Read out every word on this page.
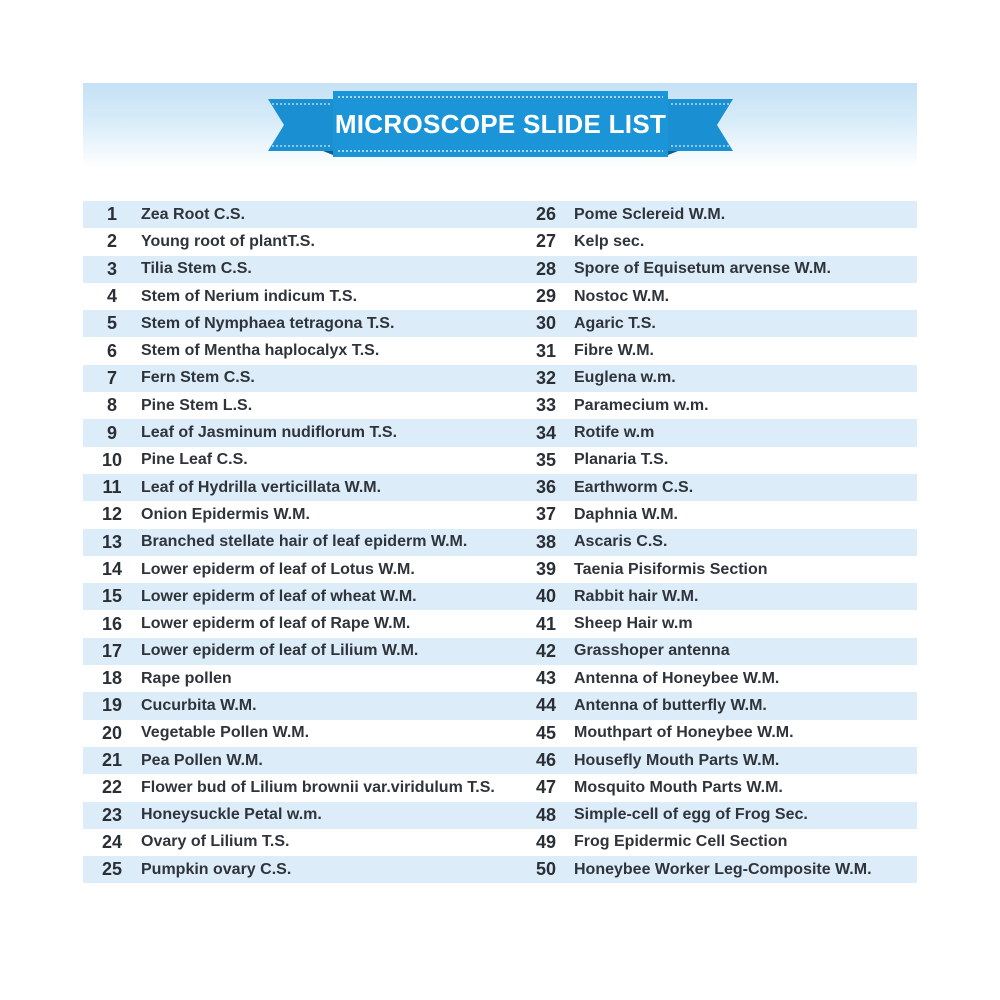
MICROSCOPE SLIDE LIST
1	Zea Root C.S.	26	Pome Sclereid W.M.
2	Young root of plantT.S.	27	Kelp sec.
3	Tilia Stem C.S.	28	Spore of Equisetum arvense W.M.
4	Stem of Nerium indicum T.S.	29	Nostoc W.M.
5	Stem of Nymphaea tetragona T.S.	30	Agaric T.S.
6	Stem of Mentha haplocalyx T.S.	31	Fibre W.M.
7	Fern Stem C.S.	32	Euglena w.m.
8	Pine Stem L.S.	33	Paramecium w.m.
9	Leaf of Jasminum nudiflorum T.S.	34	Rotife w.m
10	Pine Leaf C.S.	35	Planaria T.S.
11	Leaf of Hydrilla verticillata W.M.	36	Earthworm C.S.
12	Onion Epidermis W.M.	37	Daphnia W.M.
13	Branched stellate hair of leaf epiderm W.M.	38	Ascaris C.S.
14	Lower epiderm of leaf of Lotus W.M.	39	Taenia Pisiformis Section
15	Lower epiderm of leaf of wheat W.M.	40	Rabbit hair W.M.
16	Lower epiderm of leaf of Rape W.M.	41	Sheep Hair w.m
17	Lower epiderm of leaf of Lilium W.M.	42	Grasshoper antenna
18	Rape pollen	43	Antenna of Honeybee W.M.
19	Cucurbita W.M.	44	Antenna of butterfly W.M.
20	Vegetable Pollen W.M.	45	Mouthpart of Honeybee W.M.
21	Pea Pollen W.M.	46	Housefly Mouth Parts W.M.
22	Flower bud of Lilium brownii var.viridulum T.S.	47	Mosquito Mouth Parts W.M.
23	Honeysuckle Petal w.m.	48	Simple-cell of egg of Frog Sec.
24	Ovary of Lilium T.S.	49	Frog Epidermic Cell Section
25	Pumpkin ovary C.S.	50	Honeybee Worker Leg-Composite W.M.
